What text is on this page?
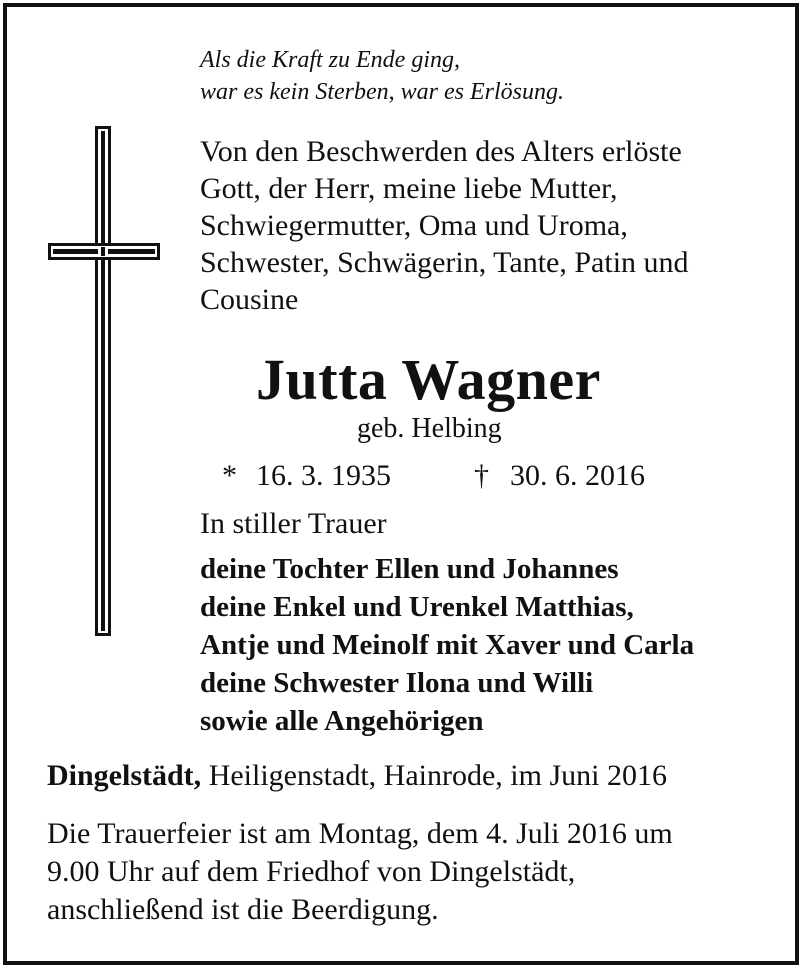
Als die Kraft zu Ende ging,
war es kein Sterben, war es Erlösung.
Von den Beschwerden des Alters erlöste
Gott, der Herr, meine liebe Mutter,
Schwiegermutter, Oma und Uroma,
Schwester, Schwägerin, Tante, Patin und
Cousine
Jutta Wagner
geb. Helbing
* 16. 3. 1935	† 30. 6. 2016
In stiller Trauer
deine Tochter Ellen und Johannes
deine Enkel und Urenkel Matthias,
Antje und Meinolf mit Xaver und Carla
deine Schwester Ilona und Willi
sowie alle Angehörigen
Dingelstädt, Heiligenstadt, Hainrode, im Juni 2016
Die Trauerfeier ist am Montag, dem 4. Juli 2016 um
9.00 Uhr auf dem Friedhof von Dingelstädt,
anschließend ist die Beerdigung.
